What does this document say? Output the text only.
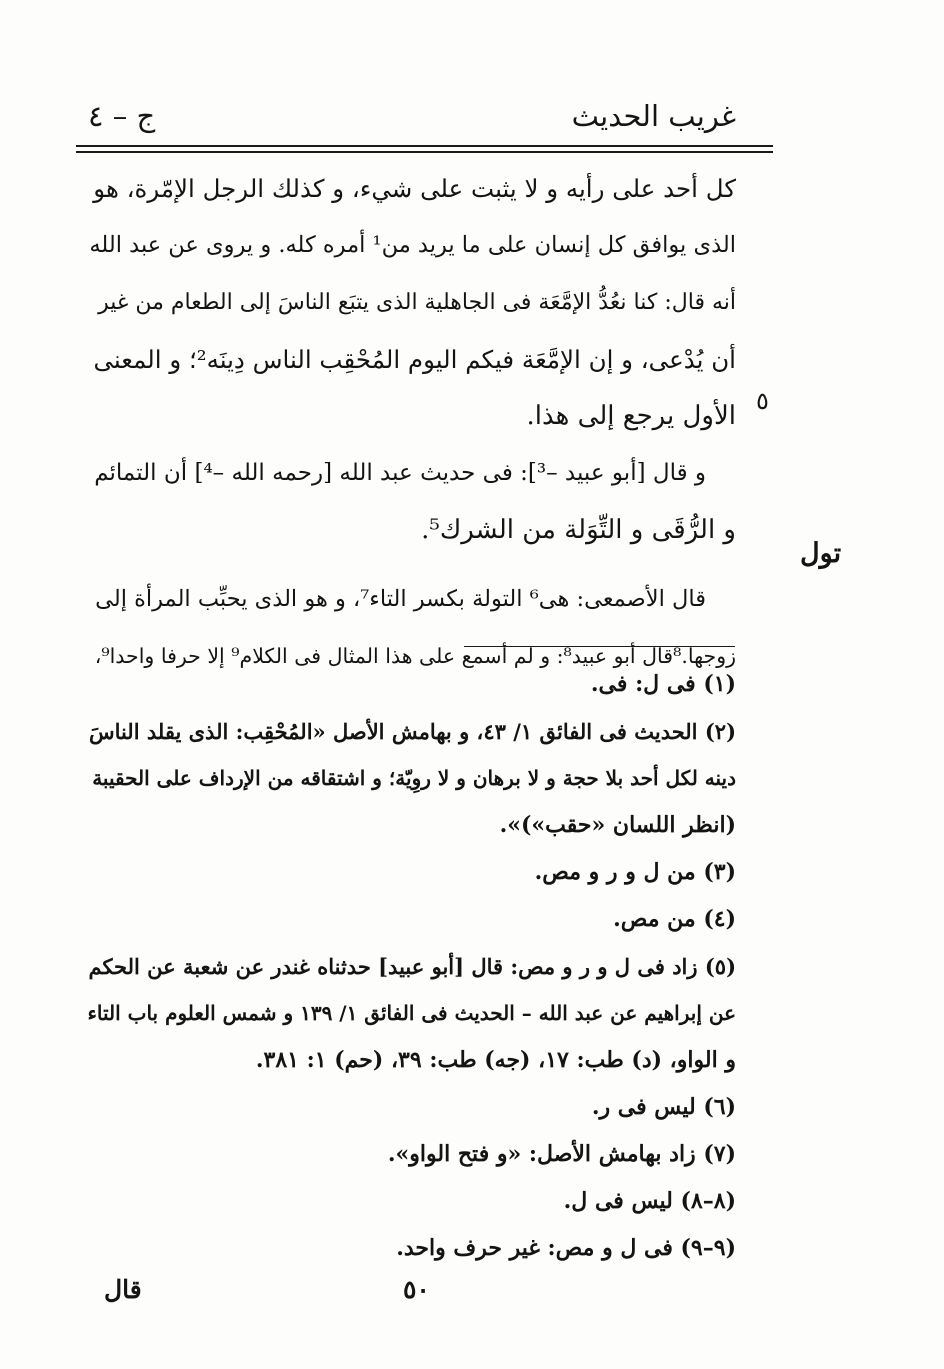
غريب الحديث
ج – ٤
كل أحد على رأيه و لا يثبت على شيء، و كذلك الرجل الإمّرة، هو
الذى يوافق كل إنسان على ما يريد من¹ أمره كله. و يروى عن عبد الله
أنه قال: كنا نعُدُّ الإمَّعَة فى الجاهلية الذى يتبَع الناسَ إلى الطعام من غير
أن يُدْعى، و إن الإمَّعَة فيكم اليوم المُحْقِب الناس دِينَه²؛ و المعنى
الأول يرجع إلى هذا.
و قال [أبو عبيد –³]: فى حديث عبد الله [رحمه الله –⁴] أن التمائم
و الرُّقَى و التِّوَلة من الشرك⁵.
قال الأصمعى: هى⁶ التولة بكسر التاء⁷، و هو الذى يحبِّب المرأة إلى
زوجها.⁸قال أبو عبيد⁸: و لم أسمع على هذا المثال فى الكلام⁹ إلا حرفا واحدا⁹،
٥
تول
(١) فى ل: فى.
(٢) الحديث فى الفائق ١/ ٤٣، و بهامش الأصل «المُحْقِب: الذى يقلد الناسَ
دينه لكل أحد بلا حجة و لا برهان و لا روِيّة؛ و اشتقاقه من الإرداف على الحقيبة
(انظر اللسان «حقب»)».
(٣) من ل و ر و مص.
(٤) من مص.
(٥) زاد فى ل و ر و مص: قال [أبو عبيد] حدثناه غندر عن شعبة عن الحكم
عن إبراهيم عن عبد الله – الحديث فى الفائق ١/ ١٣٩ و شمس العلوم باب التاء
و الواو، (د) طب: ١٧، (جه) طب: ٣٩، (حم) ١: ٣٨١.
(٦) ليس فى ر.
(٧) زاد بهامش الأصل: «و فتح الواو».
(٨–٨) ليس فى ل.
(٩–٩) فى ل و مص: غير حرف واحد.
٥٠
قال
